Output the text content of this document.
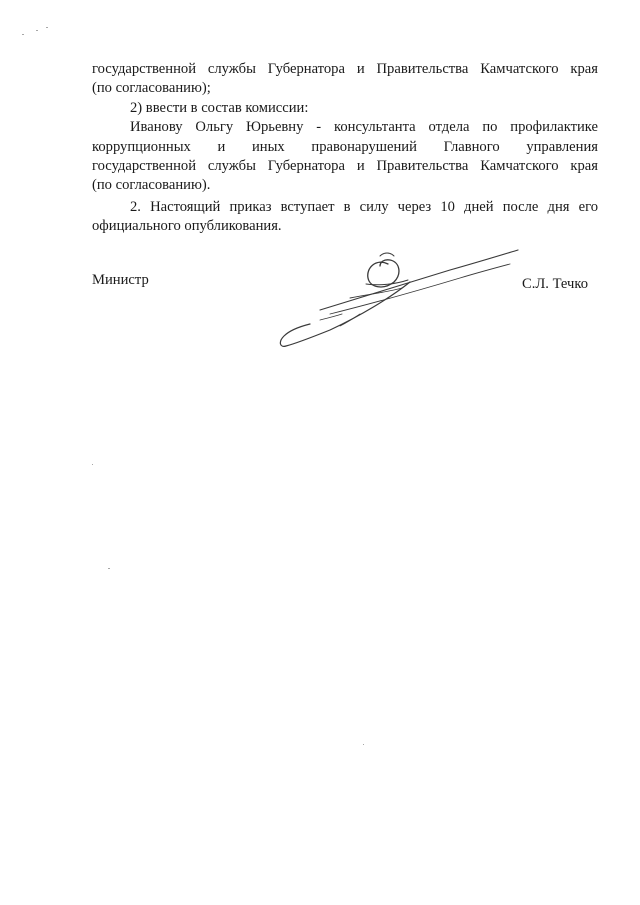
государственной службы Губернатора и Правительства Камчатского края
(по согласованию);
2) ввести в состав комиссии:
Иванову Ольгу Юрьевну - консультанта отдела по профилактике
коррупционных и иных правонарушений Главного управления
государственной службы Губернатора и Правительства Камчатского края
(по согласованию).
2. Настоящий приказ вступает в силу через 10 дней после дня его
официального опубликования.
Министр	С.Л. Течко
